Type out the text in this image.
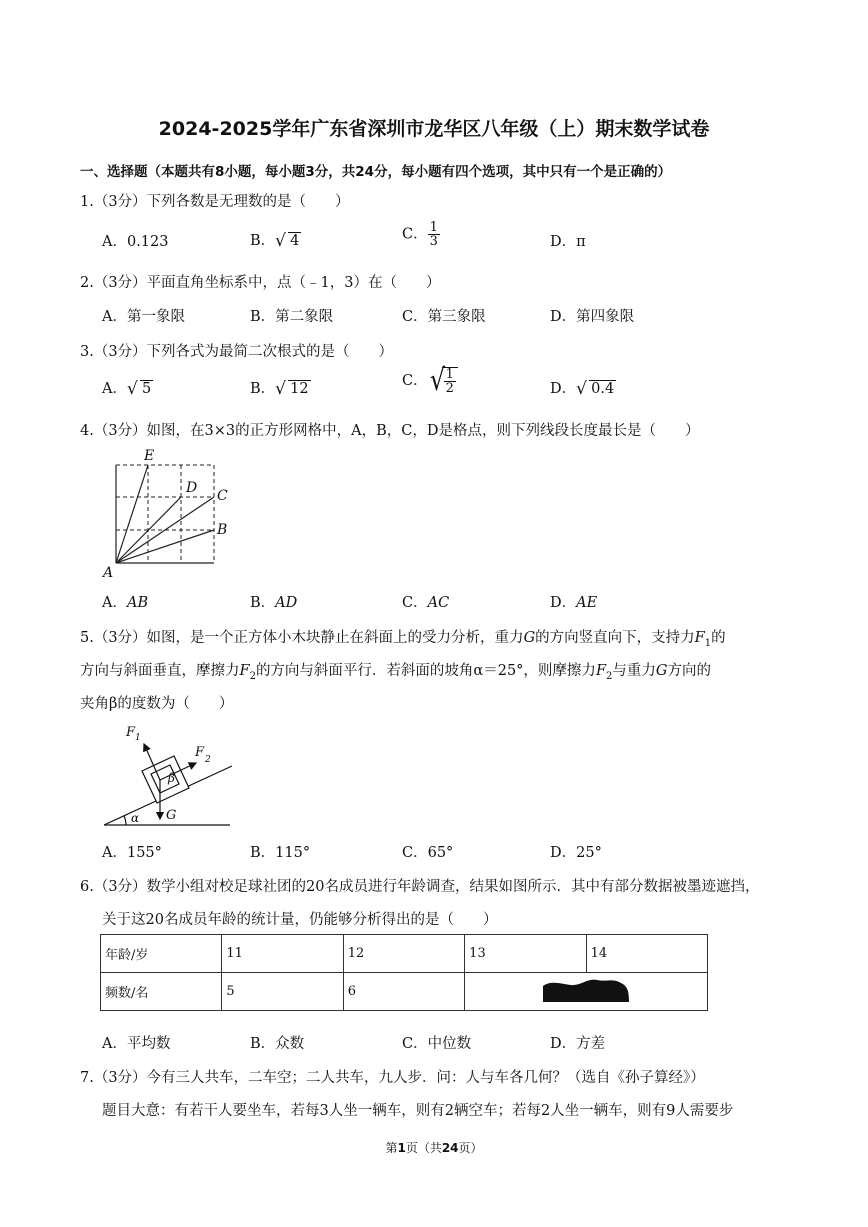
2024-2025学年广东省深圳市龙华区八年级（上）期末数学试卷
一、选择题（本题共有8小题，每小题3分，共24分，每小题有四个选项，其中只有一个是正确的）
1.（3分）下列各数是无理数的是（　　）
A．0.123	B． √ 4	C． $\frac{1}{3}$	D．π
2.（3分）平面直角坐标系中，点（﹣1，3）在（　　）
A．第一象限	B．第二象限	C．第三象限	D．第四象限
3.（3分）下列各式为最简二次根式的是（　　）
A． √ 5	B． √ 12	C． √
$\frac{1}{2}$	D． √ 0.4
4.（3分）如图，在3×3的正方形网格中，A，B，C，D是格点，则下列线段长度最长是（　　）
E
D C
B
A
A．AB	B．AD	C．AC	D．AE
5.（3分）如图，是一个正方体小木块静止在斜面上的受力分析，重力G的方向竖直向下，支持力$F_1$的
方向与斜面垂直，摩擦力$F_2$的方向与斜面平行．若斜面的坡角α＝25°，则摩擦力$F_2$与重力G方向的
夹角β的度数为（　　）
F 1
F 2
β
G
α
A．155°	B．115°	C．65°	D．25°
6.（3分）数学小组对校足球社团的20名成员进行年龄调查，结果如图所示．其中有部分数据被墨迹遮挡，
关于这20名成员年龄的统计量，仍能够分析得出的是（　　）
年龄/岁	11	12	13	14
频数/名	5	6	
A．平均数	B．众数	C．中位数	D．方差
7.（3分）今有三人共车，二车空；二人共车，九人步．问：人与车各几何？（选自《孙子算经》）
题目大意：有若干人要坐车，若每3人坐一辆车，则有2辆空车；若每2人坐一辆车，则有9人需要步
第1页（共24页）
